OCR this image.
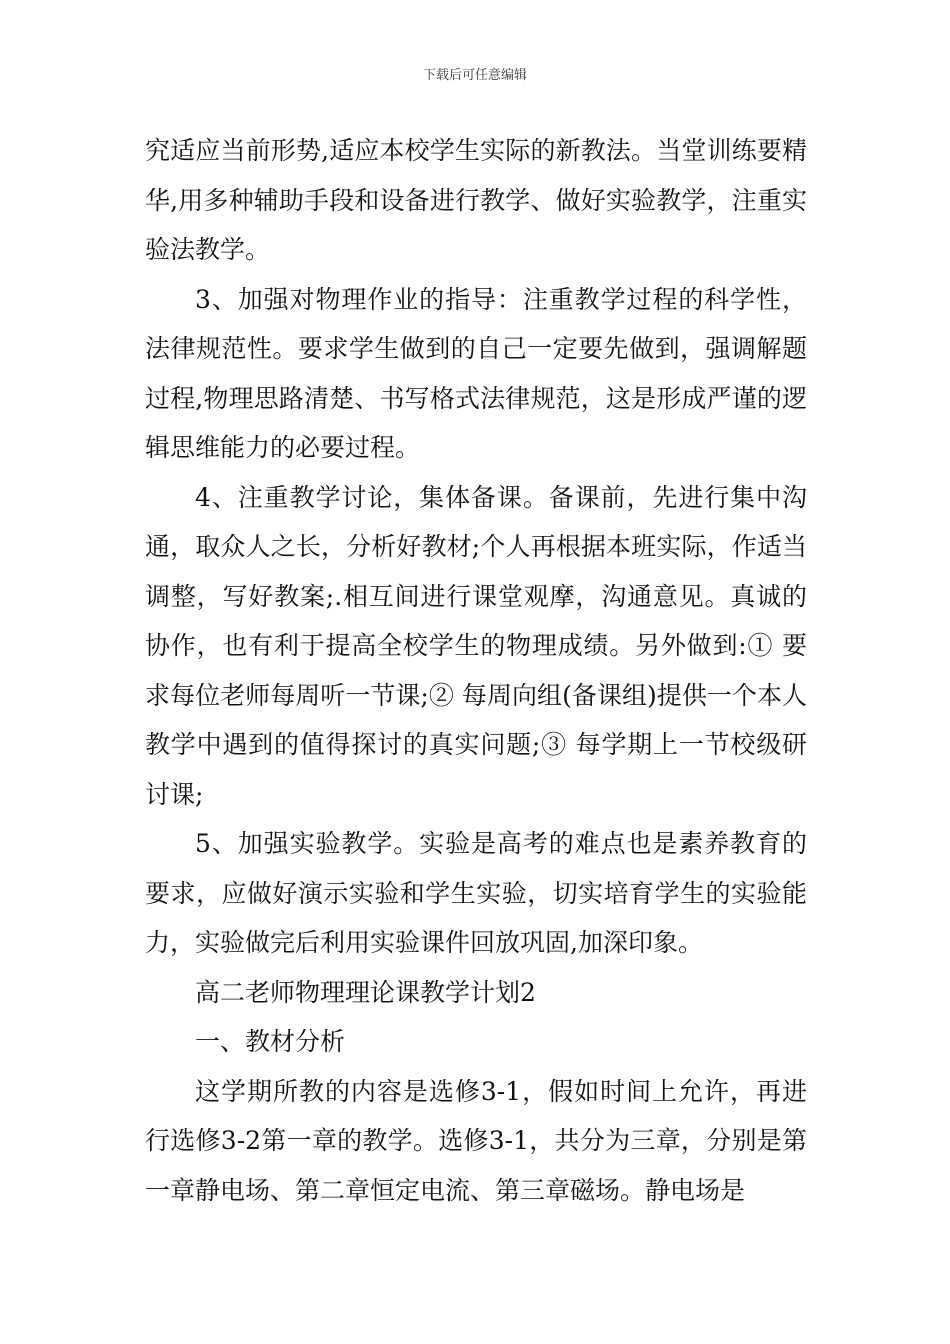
下载后可任意编辑

究适应当前形势,适应本校学生实际的新教法。当堂训练要精华,用多种辅助手段和设备进行教学、做好实验教学，注重实验法教学。

3、加强对物理作业的指导：注重教学过程的科学性，法律规范性。要求学生做到的自己一定要先做到，强调解题过程,物理思路清楚、书写格式法律规范，这是形成严谨的逻辑思维能力的必要过程。

4、注重教学讨论，集体备课。备课前，先进行集中沟通，取众人之长，分析好教材;个人再根据本班实际，作适当调整，写好教案;.相互间进行课堂观摩，沟通意见。真诚的协作，也有利于提高全校学生的物理成绩。另外做到:① 要求每位老师每周听一节课;② 每周向组(备课组)提供一个本人教学中遇到的值得探讨的真实问题;③ 每学期上一节校级研讨课;

5、加强实验教学。实验是高考的难点也是素养教育的要求，应做好演示实验和学生实验，切实培育学生的实验能力，实验做完后利用实验课件回放巩固,加深印象。

高二老师物理理论课教学计划2

一、教材分析

这学期所教的内容是选修3-1，假如时间上允许，再进行选修3-2第一章的教学。选修3-1，共分为三章，分别是第一章静电场、第二章恒定电流、第三章磁场。静电场是
